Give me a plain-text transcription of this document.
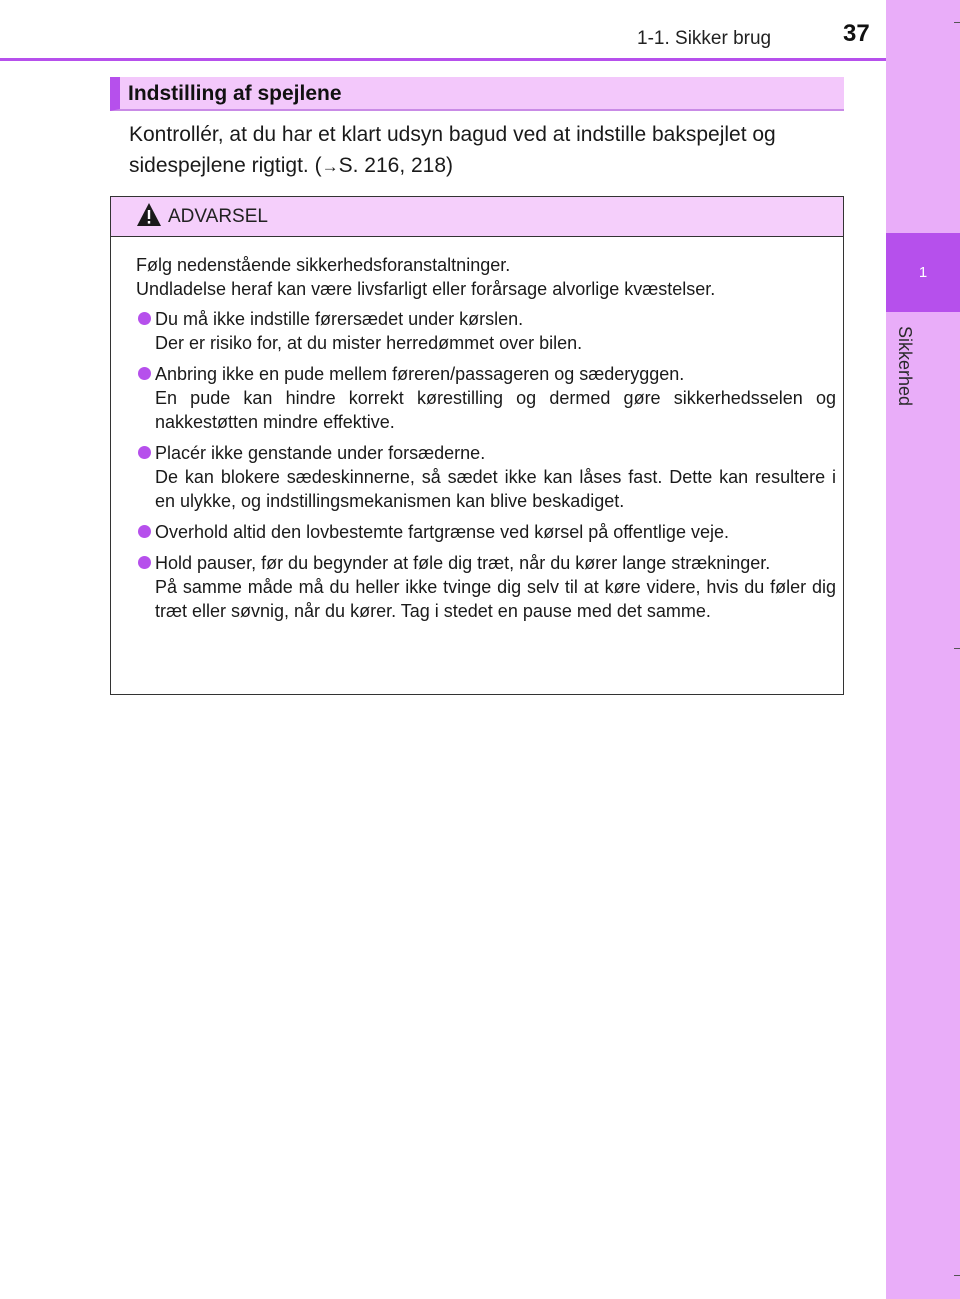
1
Sikkerhed
1-1. Sikker brug	37
Indstilling af spejlene
Kontrollér, at du har et klart udsyn bagud ved at indstille bakspejlet og sidespejlene rigtigt. (→S. 216, 218)
ADVARSEL
Følg nedenstående sikkerhedsforanstaltninger.
Undladelse heraf kan være livsfarligt eller forårsage alvorlige kvæstelser.
Du må ikke indstille førersædet under kørslen.
Der er risiko for, at du mister herredømmet over bilen.
Anbring ikke en pude mellem føreren/passageren og sæderyggen.
En pude kan hindre korrekt kørestilling og dermed gøre sikkerhedsselen og nakkestøtten mindre effektive.
Placér ikke genstande under forsæderne.
De kan blokere sædeskinnerne, så sædet ikke kan låses fast. Dette kan resultere i en ulykke, og indstillingsmekanismen kan blive beskadiget.
Overhold altid den lovbestemte fartgrænse ved kørsel på offentlige veje.
Hold pauser, før du begynder at føle dig træt, når du kører lange strækninger.
På samme måde må du heller ikke tvinge dig selv til at køre videre, hvis du føler dig træt eller søvnig, når du kører. Tag i stedet en pause med det samme.
